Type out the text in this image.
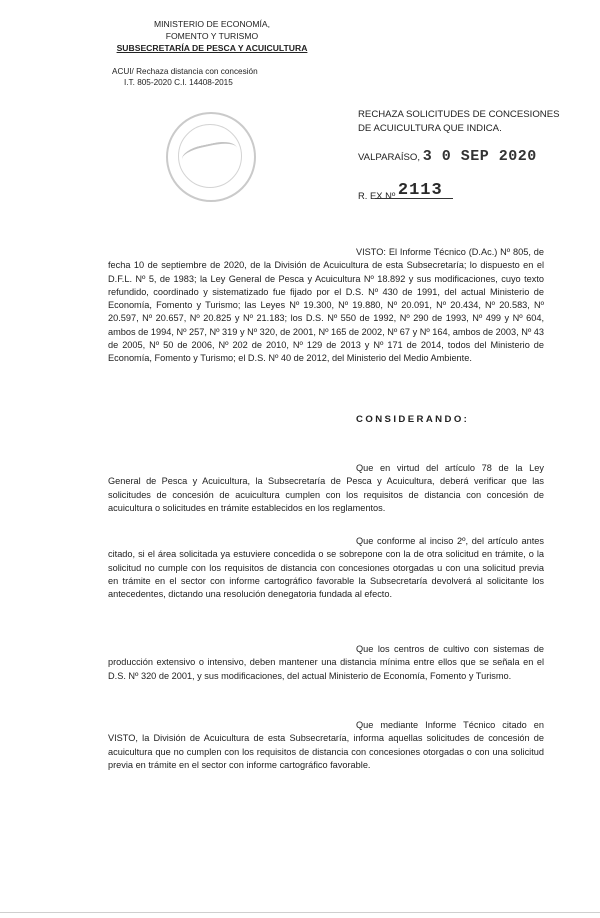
MINISTERIO DE ECONOMÍA,
FOMENTO Y TURISMO
SUBSECRETARÍA DE PESCA Y ACUICULTURA
ACUI/ Rechaza distancia con concesión
I.T. 805-2020 C.I. 14408-2015
RECHAZA SOLICITUDES DE CONCESIONES
DE ACUICULTURA QUE INDICA.
VALPARAÍSO, 3 0 SEP 2020
R. EX Nº 2113
VISTO: El Informe Técnico (D.Ac.) Nº 805, de fecha 10 de septiembre de 2020, de la División de Acuicultura de esta Subsecretaría; lo dispuesto en el D.F.L. Nº 5, de 1983; la Ley General de Pesca y Acuicultura Nº 18.892 y sus modificaciones, cuyo texto refundido, coordinado y sistematizado fue fijado por el D.S. Nº 430 de 1991, del actual Ministerio de Economía, Fomento y Turismo; las Leyes Nº 19.300, Nº 19.880, Nº 20.091, Nº 20.434, Nº 20.583, Nº 20.597, Nº 20.657, Nº 20.825 y Nº 21.183; los D.S. Nº 550 de 1992, Nº 290 de 1993, Nº 499 y Nº 604, ambos de 1994, Nº 257, Nº 319 y Nº 320, de 2001, Nº 165 de 2002, Nº 67 y Nº 164, ambos de 2003, Nº 43 de 2005, Nº 50 de 2006, Nº 202 de 2010, Nº 129 de 2013 y Nº 171 de 2014, todos del Ministerio de Economía, Fomento y Turismo; el D.S. Nº 40 de 2012, del Ministerio del Medio Ambiente.
CONSIDERANDO:
Que en virtud del artículo 78 de la Ley General de Pesca y Acuicultura, la Subsecretaría de Pesca y Acuicultura, deberá verificar que las solicitudes de concesión de acuicultura cumplen con los requisitos de distancia con concesión de acuicultura o solicitudes en trámite establecidos en los reglamentos.
Que conforme al inciso 2º, del artículo antes citado, si el área solicitada ya estuviere concedida o se sobrepone con la de otra solicitud en trámite, o la solicitud no cumple con los requisitos de distancia con concesiones otorgadas u con una solicitud previa en trámite en el sector con informe cartográfico favorable la Subsecretaría devolverá al solicitante los antecedentes, dictando una resolución denegatoria fundada al efecto.
Que los centros de cultivo con sistemas de producción extensivo o intensivo, deben mantener una distancia mínima entre ellos que se señala en el D.S. Nº 320 de 2001, y sus modificaciones, del actual Ministerio de Economía, Fomento y Turismo.
Que mediante Informe Técnico citado en VISTO, la División de Acuicultura de esta Subsecretaría, informa aquellas solicitudes de concesión de acuicultura que no cumplen con los requisitos de distancia con concesiones otorgadas o con una solicitud previa en trámite en el sector con informe cartográfico favorable.
